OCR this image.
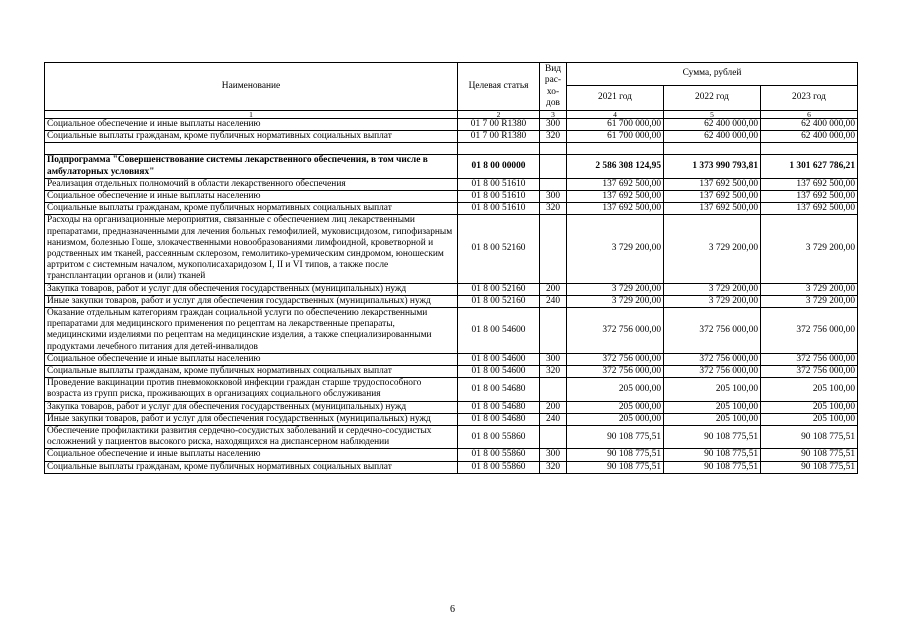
Наименование	Целевая статья	Вид рас-хо-дов	Сумма, рублей		
			2021 год	2022 год	2023 год
1	2	3	4	5	6
Социальное обеспечение и иные выплаты населению	01 7 00 R1380	300	61 700 000,00	62 400 000,00	62 400 000,00
Социальные выплаты гражданам, кроме публичных нормативных социальных выплат	01 7 00 R1380	320	61 700 000,00	62 400 000,00	62 400 000,00

Подпрограмма "Совершенствование системы лекарственного обеспечения, в том числе в амбулаторных условиях"	01 8 00 00000		2 586 308 124,95	1 373 990 793,81	1 301 627 786,21
Реализация отдельных полномочий в области лекарственного обеспечения	01 8 00 51610		137 692 500,00	137 692 500,00	137 692 500,00
Социальное обеспечение и иные выплаты населению	01 8 00 51610	300	137 692 500,00	137 692 500,00	137 692 500,00
Социальные выплаты гражданам, кроме публичных нормативных социальных выплат	01 8 00 51610	320	137 692 500,00	137 692 500,00	137 692 500,00
Расходы на организационные мероприятия, связанные с обеспечением лиц лекарственными препаратами, предназначенными для лечения больных гемофилией, муковисцидозом, гипофизарным нанизмом, болезнью Гоше, злокачественными новообразованиями лимфоидной, кроветворной и родственных им тканей, рассеянным склерозом, гемолитико-уремическим синдромом, юношеским артритом с системным началом, мукополисахаридозом I, II и VI типов, а также после трансплантации органов и (или) тканей	01 8 00 52160		3 729 200,00	3 729 200,00	3 729 200,00
Закупка товаров, работ и услуг для обеспечения государственных (муниципальных) нужд	01 8 00 52160	200	3 729 200,00	3 729 200,00	3 729 200,00
Иные закупки товаров, работ и услуг для обеспечения государственных (муниципальных) нужд	01 8 00 52160	240	3 729 200,00	3 729 200,00	3 729 200,00
Оказание отдельным категориям граждан социальной услуги по обеспечению лекарственными препаратами для медицинского применения по рецептам на лекарственные препараты, медицинскими изделиями по рецептам на медицинские изделия, а также специализированными продуктами лечебного питания для детей-инвалидов	01 8 00 54600		372 756 000,00	372 756 000,00	372 756 000,00
Социальное обеспечение и иные выплаты населению	01 8 00 54600	300	372 756 000,00	372 756 000,00	372 756 000,00
Социальные выплаты гражданам, кроме публичных нормативных социальных выплат	01 8 00 54600	320	372 756 000,00	372 756 000,00	372 756 000,00
Проведение вакцинации против пневмококковой инфекции граждан старше трудоспособного возраста из групп риска, проживающих в организациях социального обслуживания	01 8 00 54680		205 000,00	205 100,00	205 100,00
Закупка товаров, работ и услуг для обеспечения государственных (муниципальных) нужд	01 8 00 54680	200	205 000,00	205 100,00	205 100,00
Иные закупки товаров, работ и услуг для обеспечения государственных (муниципальных) нужд	01 8 00 54680	240	205 000,00	205 100,00	205 100,00
Обеспечение профилактики развития сердечно-сосудистых заболеваний и сердечно-сосудистых осложнений у пациентов высокого риска, находящихся на диспансерном наблюдении	01 8 00 55860		90 108 775,51	90 108 775,51	90 108 775,51
Социальное обеспечение и иные выплаты населению	01 8 00 55860	300	90 108 775,51	90 108 775,51	90 108 775,51
Социальные выплаты гражданам, кроме публичных нормативных социальных выплат	01 8 00 55860	320	90 108 775,51	90 108 775,51	90 108 775,51
6
